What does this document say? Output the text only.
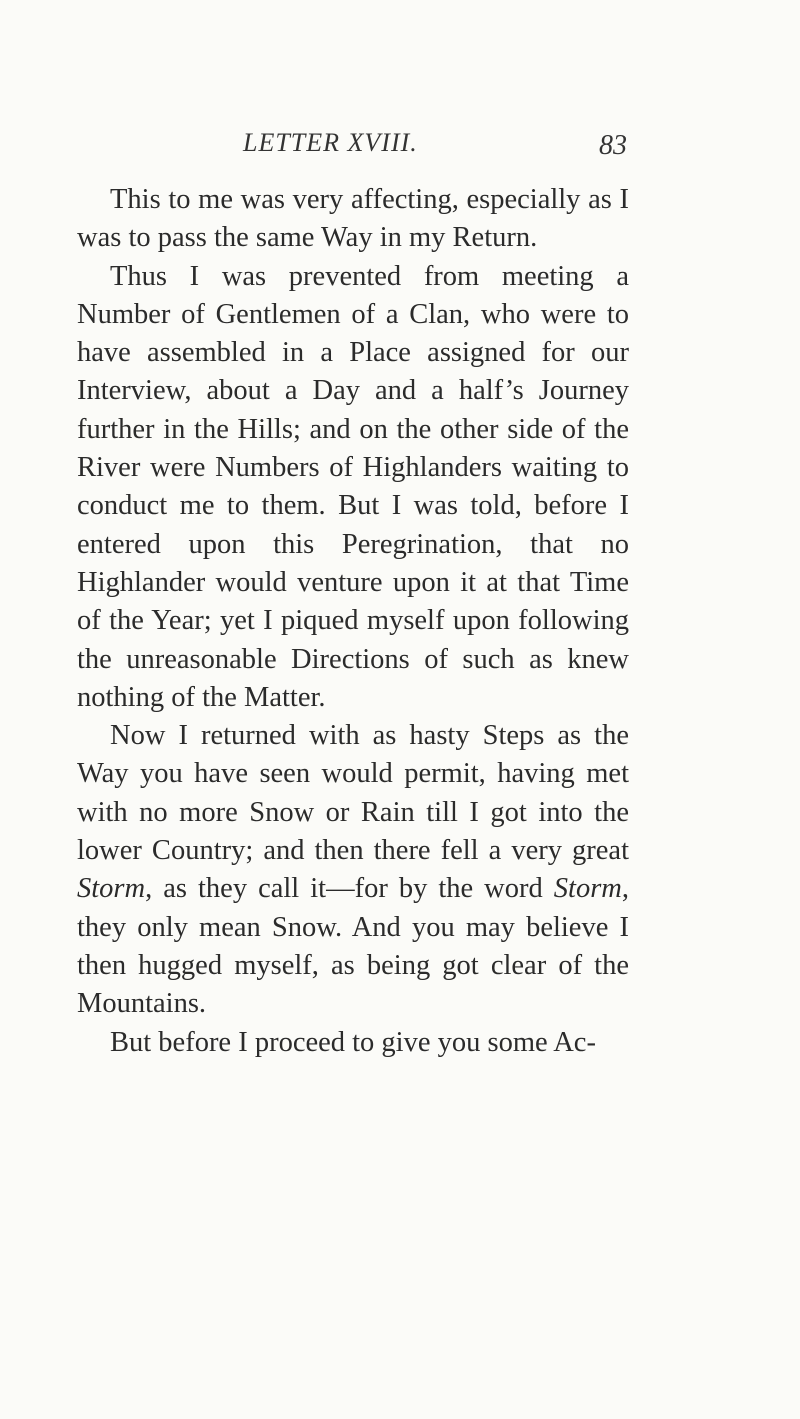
LETTER XVIII.	83

This to me was very affecting, especially as I was to pass the same Way in my Return.

Thus I was prevented from meeting a Number of Gentlemen of a Clan, who were to have assembled in a Place assigned for our Interview, about a Day and a half’s Journey further in the Hills; and on the other side of the River were Numbers of Highlanders waiting to conduct me to them. But I was told, before I entered upon this Peregrination, that no Highlander would venture upon it at that Time of the Year; yet I piqued myself upon following the unreasonable Directions of such as knew nothing of the Matter.

Now I returned with as hasty Steps as the Way you have seen would permit, having met with no more Snow or Rain till I got into the lower Country; and then there fell a very great Storm, as they call it—for by the word Storm, they only mean Snow. And you may believe I then hugged myself, as being got clear of the Mountains.

But before I proceed to give you some Ac-
